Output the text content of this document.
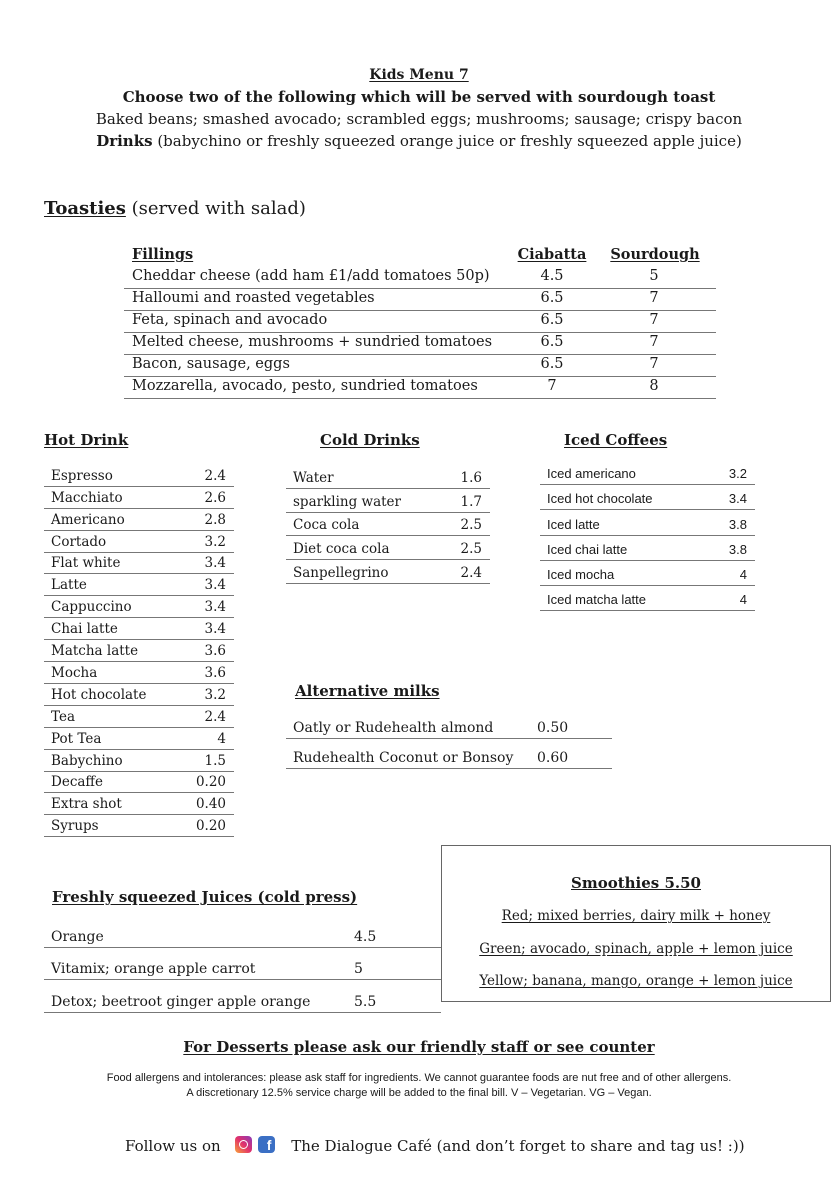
Kids Menu 7
Choose two of the following which will be served with sourdough toast
Baked beans; smashed avocado; scrambled eggs; mushrooms; sausage; crispy bacon
Drinks (babychino or freshly squeezed orange juice or freshly squeezed apple juice)
Toasties (served with salad)
Fillings	Ciabatta	Sourdough
Cheddar cheese (add ham £1/add tomatoes 50p)	4.5	5
Halloumi and roasted vegetables	6.5	7
Feta, spinach and avocado	6.5	7
Melted cheese, mushrooms + sundried tomatoes	6.5	7
Bacon, sausage, eggs	6.5	7
Mozzarella, avocado, pesto, sundried tomatoes	7	8
Hot Drink
Espresso	2.4
Macchiato	2.6
Americano	2.8
Cortado	3.2
Flat white	3.4
Latte	3.4
Cappuccino	3.4
Chai latte	3.4
Matcha latte	3.6
Mocha	3.6
Hot chocolate	3.2
Tea	2.4
Pot Tea	4
Babychino	1.5
Decaffe	0.20
Extra shot	0.40
Syrups	0.20
Cold Drinks
Water	1.6
sparkling water	1.7
Coca cola	2.5
Diet coca cola	2.5
Sanpellegrino	2.4
Iced Coffees
Iced americano	3.2
Iced hot chocolate	3.4
Iced latte	3.8
Iced chai latte	3.8
Iced mocha	4
Iced matcha latte	4
Alternative milks
Oatly or Rudehealth almond	0.50
Rudehealth Coconut or Bonsoy 0.60
Freshly squeezed Juices (cold press)
Orange	4.5
Vitamix; orange apple carrot	5
Detox; beetroot ginger apple orange	5.5
Smoothies 5.50
Red; mixed berries, dairy milk + honey
Green; avocado, spinach, apple + lemon juice
Yellow; banana, mango, orange + lemon juice
For Desserts please ask our friendly staff or see counter
Food allergens and intolerances: please ask staff for ingredients. We cannot guarantee foods are nut free and of other allergens.
A discretionary 12.5% service charge will be added to the final bill. V – Vegetarian. VG – Vegan.
Follow us on	f The Dialogue Café (and don’t forget to share and tag us! :))
